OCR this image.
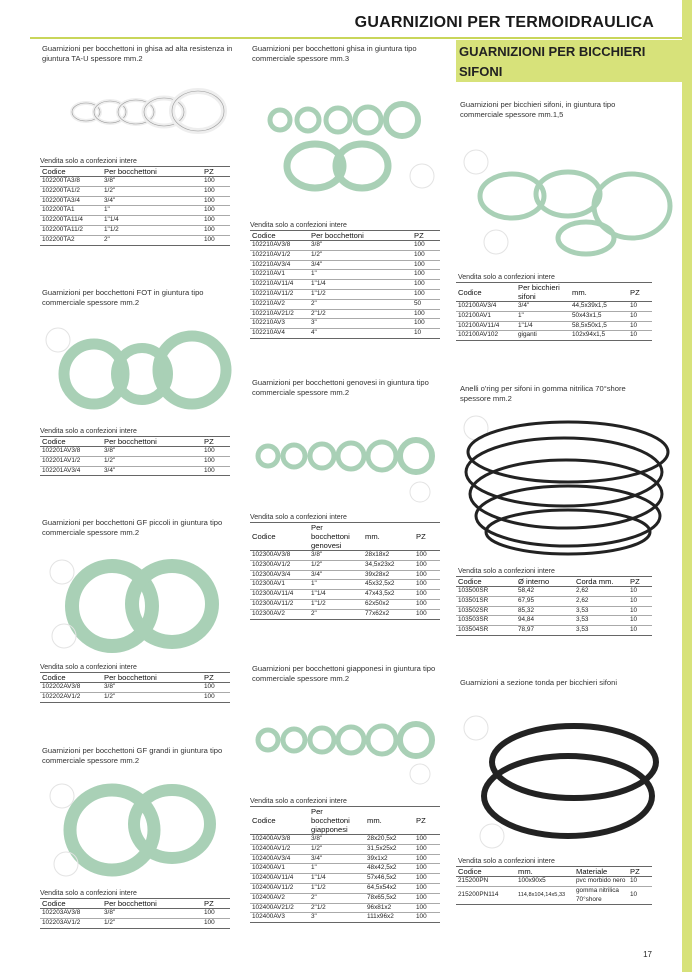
GUARNIZIONI PER TERMOIDRAULICA
GUARNIZIONI PER BICCHIERI
SIFONI
Guarnizioni per bocchettoni in ghisa ad alta resistenza in giuntura TA-U spessore mm.2
Vendita solo a confezioni intere
Codice	Per bocchettoni	PZ
102200TA3/8	3/8"	100
102200TA1/2	1/2"	100
102200TA3/4	3/4"	100
102200TA1	1"	100
102200TA11/4	1"1/4	100
102200TA11/2	1"1/2	100
102200TA2	2"	100
Guarnizioni per bocchettoni ghisa in giuntura tipo commerciale spessore mm.3
Vendita solo a confezioni intere
Codice	Per bocchettoni	PZ
102210AV3/8	3/8"	100
102210AV1/2	1/2"	100
102210AV3/4	3/4"	100
102210AV1	1"	100
102210AV11/4	1"1/4	100
102210AV11/2	1"1/2	100
102210AV2	2"	50
102210AV21/2	2"1/2	100
102210AV3	3"	100
102210AV4	4"	10
Guarnizioni per bicchieri sifoni, in giuntura tipo commerciale spessore mm.1,5
Vendita solo a confezioni intere
Codice	Per bicchieri sifoni	mm.	PZ
102100AV3/4	3/4"	44,5x39x1,5	10
102100AV1	1"	50x43x1,5	10
102100AV11/4	1"1/4	58,5x50x1,5	10
102100AV102	giganti	102x94x1,5	10
Guarnizioni per bocchettoni FOT in giuntura tipo commerciale spessore mm.2
Vendita solo a confezioni intere
Codice	Per bocchettoni	PZ
102201AV3/8	3/8"	100
102201AV1/2	1/2"	100
102201AV3/4	3/4"	100
Guarnizioni per bocchettoni genovesi in giuntura tipo commerciale spessore mm.2
Vendita solo a confezioni intere
Codice	Per bocchettoni genovesi	mm.	PZ
102300AV3/8	3/8"	28x18x2	100
102300AV1/2	1/2"	34,5x23x2	100
102300AV3/4	3/4"	39x28x2	100
102300AV1	1"	45x32,5x2	100
102300AV11/4	1"1/4	47x43,5x2	100
102300AV11/2	1"1/2	62x50x2	100
102300AV2	2"	77x62x2	100
Anelli o'ring per sifoni in gomma nitrilica 70°shore spessore mm.2
Vendita solo a confezioni intere
Codice	Ø interno	Corda mm.	PZ
103500SR	58,42	2,62	10
103501SR	67,95	2,62	10
103502SR	85,32	3,53	10
103503SR	94,84	3,53	10
103504SR	78,97	3,53	10
Guarnizioni per bocchettoni GF piccoli in giuntura tipo commerciale spessore mm.2
Vendita solo a confezioni intere
Codice	Per bocchettoni	PZ
102202AV3/8	3/8"	100
102202AV1/2	1/2"	100
Guarnizioni per bocchettoni giapponesi in giuntura tipo commerciale spessore mm.2
Vendita solo a confezioni intere
Codice	Per bocchettoni giapponesi	mm.	PZ
102400AV3/8	3/8"	28x20,5x2	100
102400AV1/2	1/2"	31,5x25x2	100
102400AV3/4	3/4"	39x1x2	100
102400AV1	1"	48x42,5x2	100
102400AV11/4	1"1/4	57x46,5x2	100
102400AV11/2	1"1/2	64,5x54x2	100
102400AV2	2"	78x65,5x2	100
102400AV21/2	2"1/2	96x81x2	100
102400AV3	3"	111x96x2	100
Guarnizioni a sezione tonda per bicchieri sifoni
Vendita solo a confezioni intere
Codice	mm.	Materiale	PZ
215200PN	100x90x5	pvc morbido nero	10
215200PN114	114,8x104,14x5,33	gomma nitrilica 70°shore	10
Guarnizioni per bocchettoni GF grandi in giuntura tipo commerciale spessore mm.2
Vendita solo a confezioni intere
Codice	Per bocchettoni	PZ
102203AV3/8	3/8"	100
102203AV1/2	1/2"	100
17
